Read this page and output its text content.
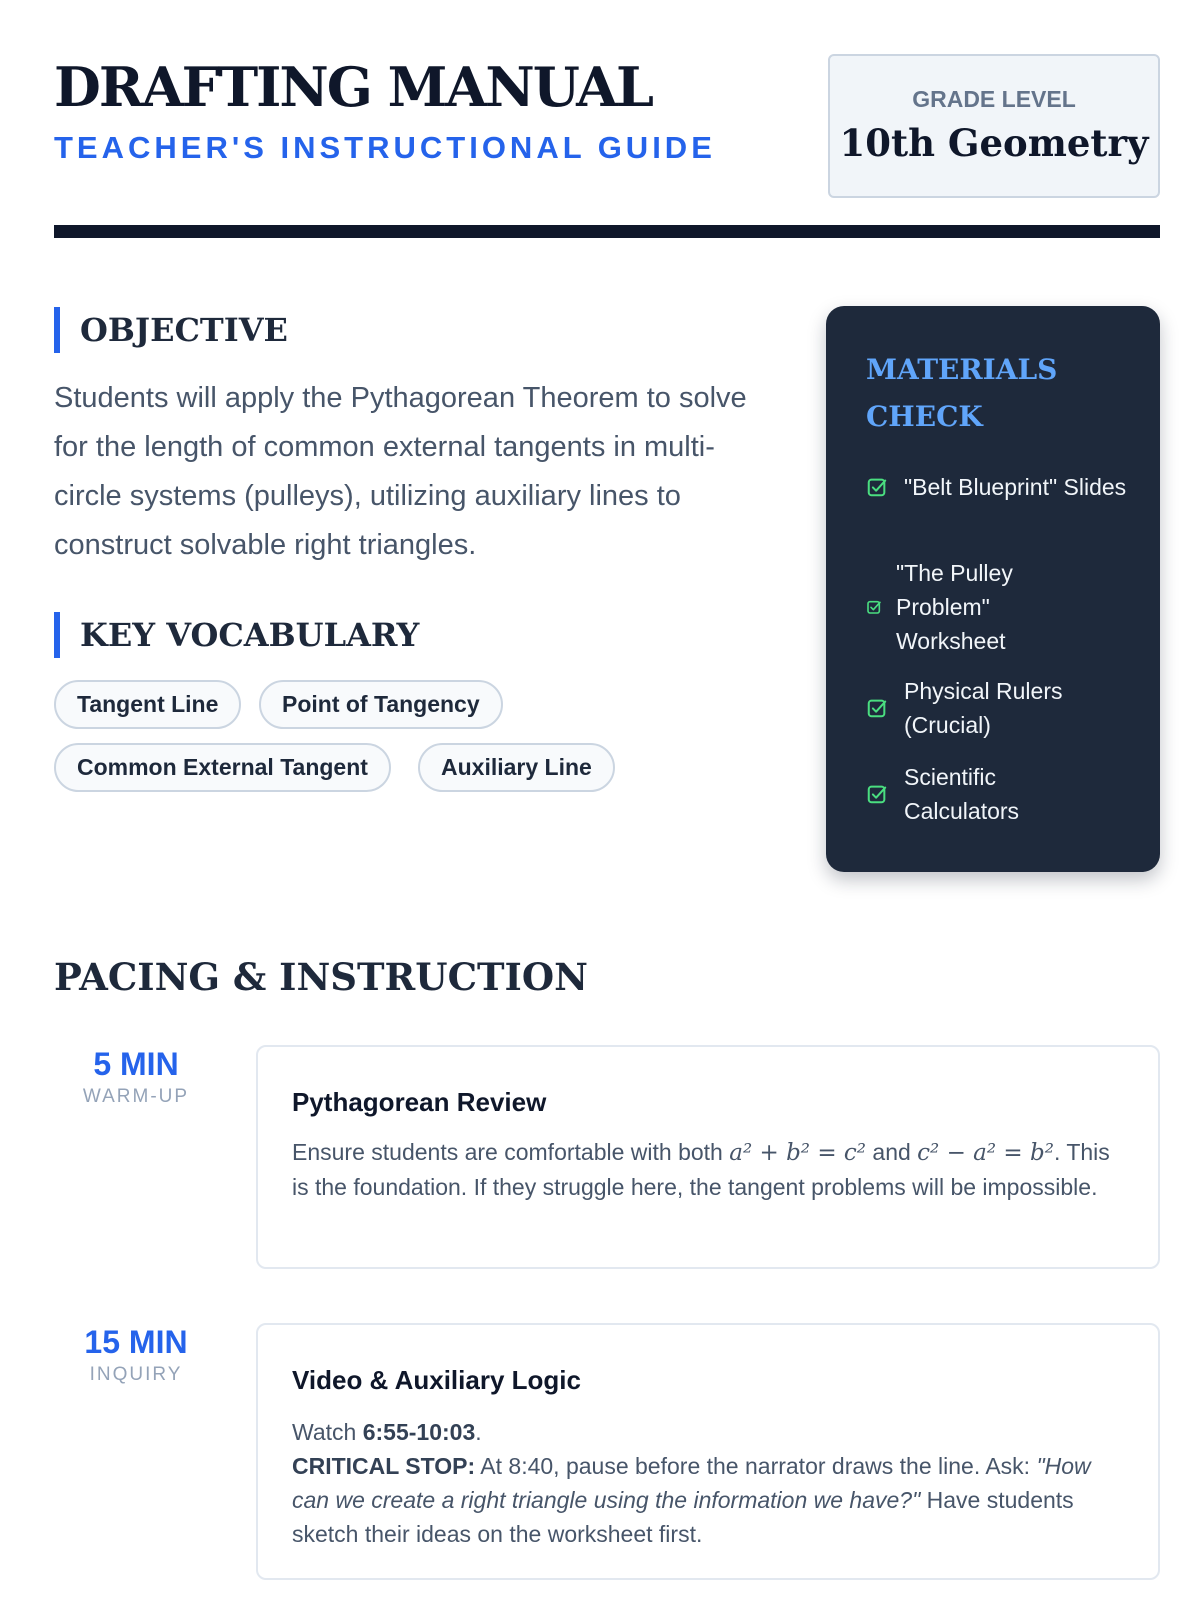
DRAFTING MANUAL
TEACHER'S INSTRUCTIONAL GUIDE
GRADE LEVEL
10th Geometry
OBJECTIVE
Students will apply the Pythagorean Theorem to solve for the length of common external tangents in multi-circle systems (pulleys), utilizing auxiliary lines to construct solvable right triangles.
KEY VOCABULARY
Tangent Line	Point of Tangency
Common External Tangent	Auxiliary Line
MATERIALS CHECK
"Belt Blueprint" Slides
"The Pulley Problem" Worksheet
Physical Rulers (Crucial)
Scientific Calculators
PACING & INSTRUCTION
5 MIN
WARM-UP	Pythagorean Review
Ensure students are comfortable with both a² + b² = c² and c² − a² = b². This is the foundation. If they struggle here, the tangent problems will be impossible.
15 MIN
INQUIRY	Video & Auxiliary Logic
Watch 6:55-10:03.
CRITICAL STOP: At 8:40, pause before the narrator draws the line. Ask: "How can we create a right triangle using the information we have?" Have students sketch their ideas on the worksheet first.
